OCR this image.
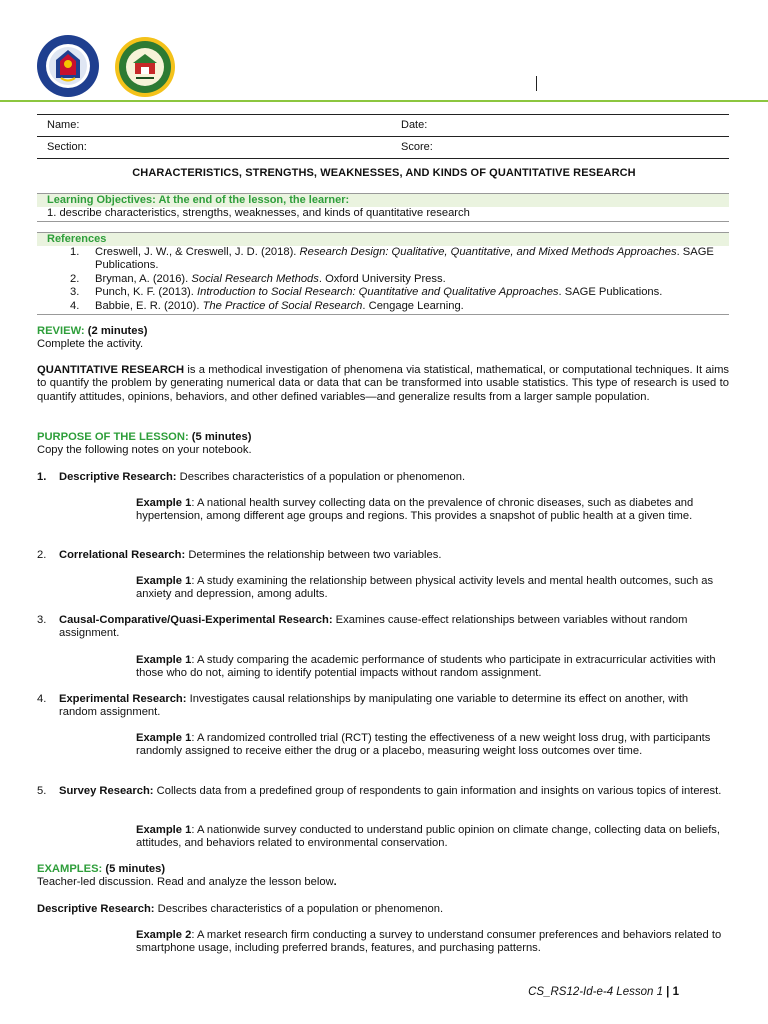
Name:	Date:
Section:	Score:
CHARACTERISTICS, STRENGTHS, WEAKNESSES, AND KINDS OF QUANTITATIVE RESEARCH
Learning Objectives: At the end of the lesson, the learner:
1. describe characteristics, strengths, weaknesses, and kinds of quantitative research
References
1. Creswell, J. W., & Creswell, J. D. (2018). Research Design: Qualitative, Quantitative, and Mixed Methods Approaches. SAGE Publications.
2. Bryman, A. (2016). Social Research Methods. Oxford University Press.
3. Punch, K. F. (2013). Introduction to Social Research: Quantitative and Qualitative Approaches. SAGE Publications.
4. Babbie, E. R. (2010). The Practice of Social Research. Cengage Learning.

REVIEW: (2 minutes)

Complete the activity.

QUANTITATIVE RESEARCH is a methodical investigation of phenomena via statistical, mathematical, or computational techniques. It aims to quantify the problem by generating numerical data or data that can be transformed into usable statistics. This type of research is used to quantify attitudes, opinions, behaviors, and other defined variables—and generalize results from a larger sample population.

PURPOSE OF THE LESSON: (5 minutes)

Copy the following notes on your notebook.

1. Descriptive Research: Describes characteristics of a population or phenomenon.
Example 1: A national health survey collecting data on the prevalence of chronic diseases, such as diabetes and hypertension, among different age groups and regions. This provides a snapshot of public health at a given time.
2. Correlational Research: Determines the relationship between two variables.
Example 1: A study examining the relationship between physical activity levels and mental health outcomes, such as anxiety and depression, among adults.
3. Causal-Comparative/Quasi-Experimental Research: Examines cause-effect relationships between variables without random assignment.
Example 1: A study comparing the academic performance of students who participate in extracurricular activities with those who do not, aiming to identify potential impacts without random assignment.
4. Experimental Research: Investigates causal relationships by manipulating one variable to determine its effect on another, with random assignment.
Example 1: A randomized controlled trial (RCT) testing the effectiveness of a new weight loss drug, with participants randomly assigned to receive either the drug or a placebo, measuring weight loss outcomes over time.
5. Survey Research: Collects data from a predefined group of respondents to gain information and insights on various topics of interest.
Example 1: A nationwide survey conducted to understand public opinion on climate change, collecting data on beliefs, attitudes, and behaviors related to environmental conservation.

EXAMPLES: (5 minutes)

Teacher-led discussion. Read and analyze the lesson below.

Descriptive Research: Describes characteristics of a population or phenomenon.
Example 2: A market research firm conducting a survey to understand consumer preferences and behaviors related to smartphone usage, including preferred brands, features, and purchasing patterns.
CS_RS12-Id-e-4 Lesson 1 | 1
